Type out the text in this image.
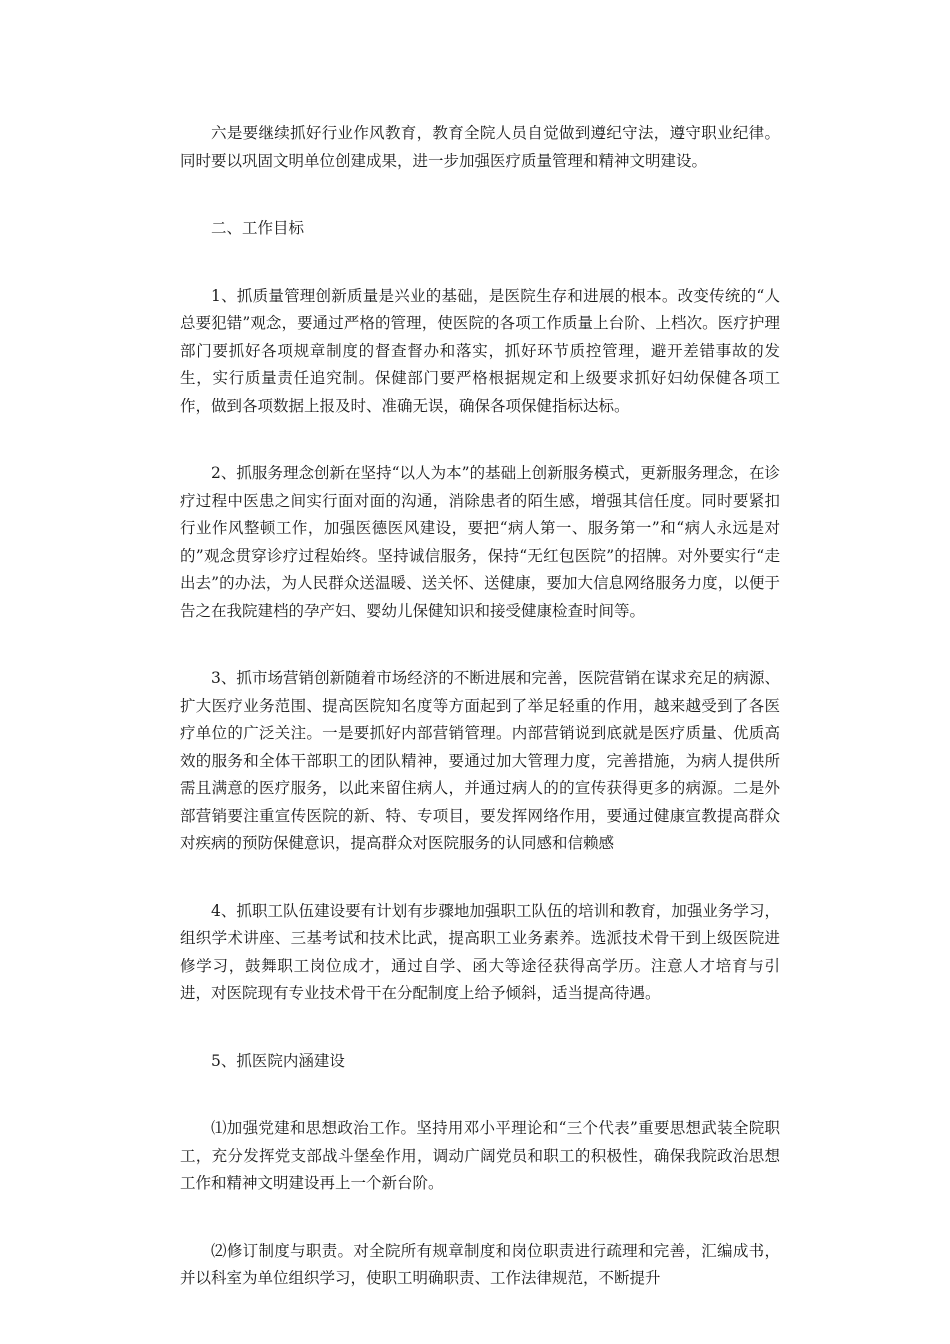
六是要继续抓好行业作风教育，教育全院人员自觉做到遵纪守法，遵守职业纪律。同时要以巩固文明单位创建成果，进一步加强医疗质量管理和精神文明建设。

二、工作目标

1、抓质量管理创新质量是兴业的基础，是医院生存和进展的根本。改变传统的“人总要犯错”观念，要通过严格的管理，使医院的各项工作质量上台阶、上档次。医疗护理部门要抓好各项规章制度的督查督办和落实，抓好环节质控管理，避开差错事故的发生，实行质量责任追究制。保健部门要严格根据规定和上级要求抓好妇幼保健各项工作，做到各项数据上报及时、准确无误，确保各项保健指标达标。

2、抓服务理念创新在坚持“以人为本”的基础上创新服务模式，更新服务理念，在诊疗过程中医患之间实行面对面的沟通，消除患者的陌生感，增强其信任度。同时要紧扣行业作风整顿工作，加强医德医风建设，要把“病人第一、服务第一”和“病人永远是对的”观念贯穿诊疗过程始终。坚持诚信服务，保持“无红包医院”的招牌。对外要实行“走出去”的办法，为人民群众送温暖、送关怀、送健康，要加大信息网络服务力度，以便于告之在我院建档的孕产妇、婴幼儿保健知识和接受健康检查时间等。

3、抓市场营销创新随着市场经济的不断进展和完善，医院营销在谋求充足的病源、扩大医疗业务范围、提高医院知名度等方面起到了举足轻重的作用，越来越受到了各医疗单位的广泛关注。一是要抓好内部营销管理。内部营销说到底就是医疗质量、优质高效的服务和全体干部职工的团队精神，要通过加大管理力度，完善措施，为病人提供所需且满意的医疗服务，以此来留住病人，并通过病人的的宣传获得更多的病源。二是外部营销要注重宣传医院的新、特、专项目，要发挥网络作用，要通过健康宣教提高群众对疾病的预防保健意识，提高群众对医院服务的认同感和信赖感

4、抓职工队伍建设要有计划有步骤地加强职工队伍的培训和教育，加强业务学习，组织学术讲座、三基考试和技术比武，提高职工业务素养。选派技术骨干到上级医院进修学习，鼓舞职工岗位成才，通过自学、函大等途径获得高学历。注意人才培育与引进，对医院现有专业技术骨干在分配制度上给予倾斜，适当提高待遇。

5、抓医院内涵建设

⑴加强党建和思想政治工作。坚持用邓小平理论和“三个代表”重要思想武装全院职工，充分发挥党支部战斗堡垒作用，调动广阔党员和职工的积极性，确保我院政治思想工作和精神文明建设再上一个新台阶。

⑵修订制度与职责。对全院所有规章制度和岗位职责进行疏理和完善，汇编成书，并以科室为单位组织学习，使职工明确职责、工作法律规范，不断提升
